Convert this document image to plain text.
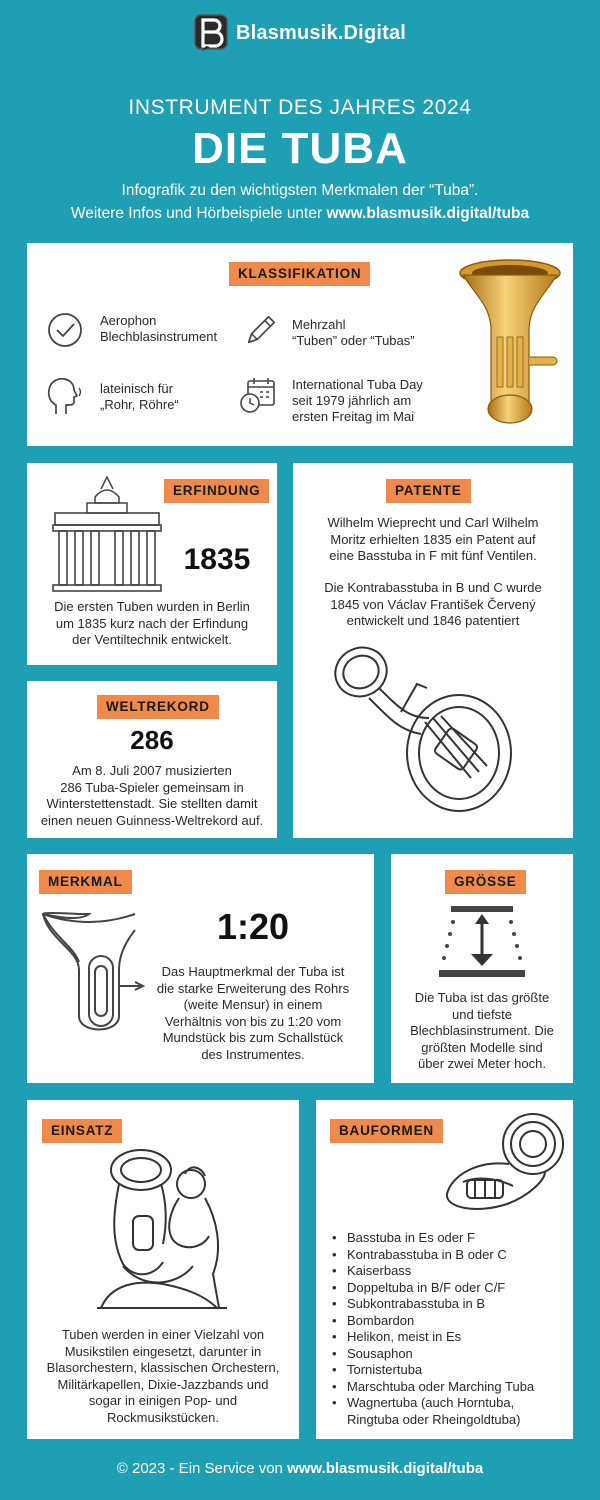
Blasmusik.Digital
INSTRUMENT DES JAHRES 2024
DIE TUBA
Infografik zu den wichtigsten Merkmalen der “Tuba”.
Weitere Infos und Hörbeispiele unter www.blasmusik.digital/tuba
KLASSIFIKATION
Aerophon
Blechblasinstrument
Mehrzahl
“Tuben” oder “Tubas”
lateinisch für
„Rohr, Röhre“
International Tuba Day
seit 1979 jährlich am
ersten Freitag im Mai
ERFINDUNG
1835
Die ersten Tuben wurden in Berlin
um 1835 kurz nach der Erfindung
der Ventiltechnik entwickelt.
PATENTE
Wilhelm Wieprecht und Carl Wilhelm
Moritz erhielten 1835 ein Patent auf
eine Basstuba in F mit fünf Ventilen.
Die Kontrabasstuba in B und C wurde
1845 von Václav František Červený
entwickelt und 1846 patentiert
WELTREKORD
286
Am 8. Juli 2007 musizierten
286 Tuba-Spieler gemeinsam in
Winterstettenstadt. Sie stellten damit
einen neuen Guinness-Weltrekord auf.
MERKMAL
1:20
Das Hauptmerkmal der Tuba ist
die starke Erweiterung des Rohrs
(weite Mensur) in einem
Verhältnis von bis zu 1:20 vom
Mundstück bis zum Schallstück
des Instrumentes.
GRÖSSE
Die Tuba ist das größte
und tiefste
Blechblasinstrument. Die
größten Modelle sind
über zwei Meter hoch.
EINSATZ
Tuben werden in einer Vielzahl von
Musikstilen eingesetzt, darunter in
Blasorchestern, klassischen Orchestern,
Militärkapellen, Dixie-Jazzbands und
sogar in einigen Pop- und
Rockmusikstücken.
BAUFORMEN
• Basstuba in Es oder F
• Kontrabasstuba in B oder C
• Kaiserbass
• Doppeltuba in B/F oder C/F
• Subkontrabasstuba in B
• Bombardon
• Helikon, meist in Es
• Sousaphon
• Tornistertuba
• Marschtuba oder Marching Tuba
• Wagnertuba (auch Horntuba,
Ringtuba oder Rheingoldtuba)
© 2023 - Ein Service von www.blasmusik.digital/tuba
